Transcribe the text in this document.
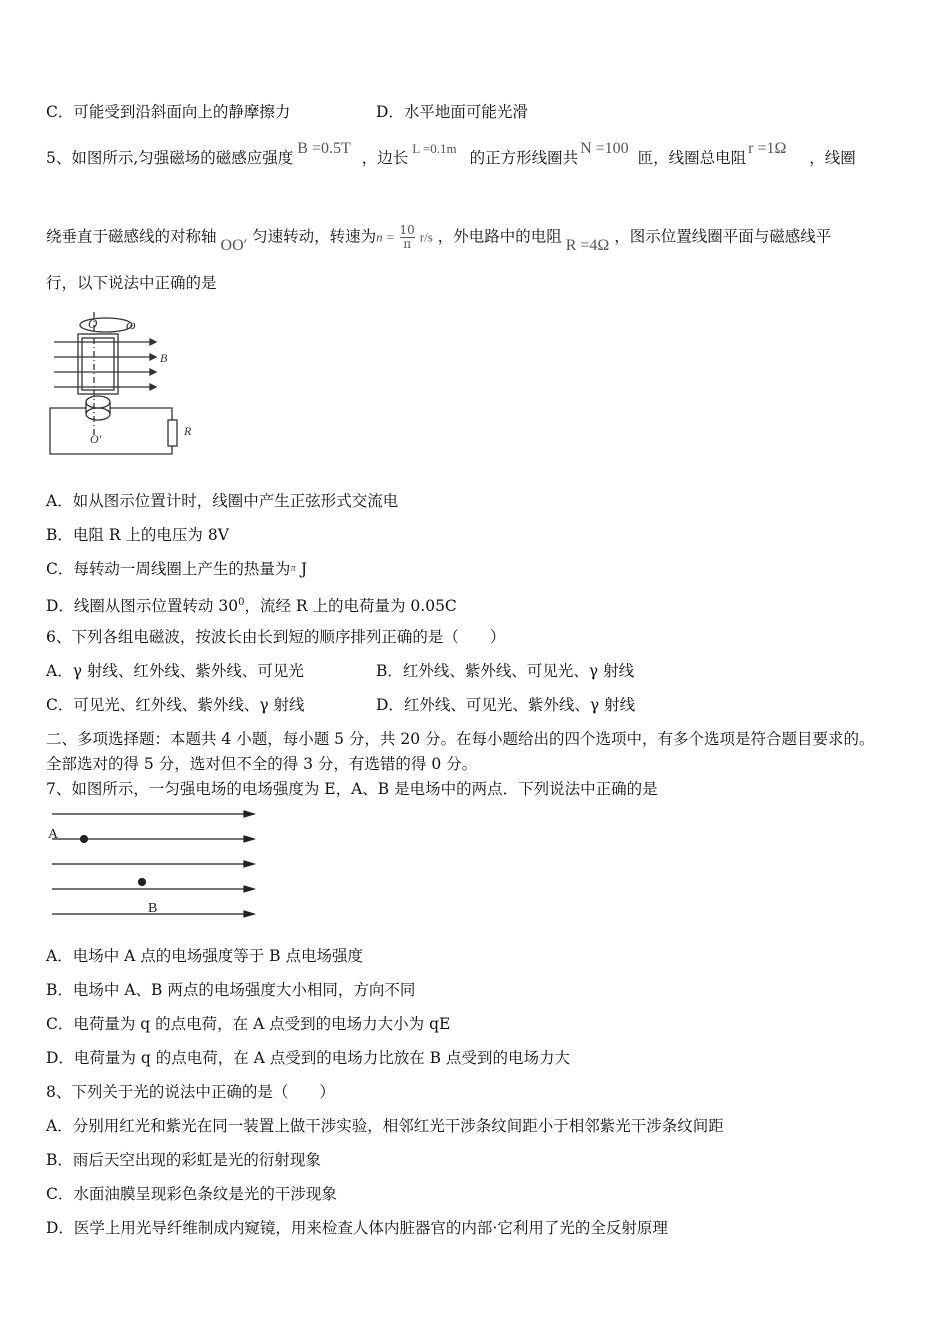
C．可能受到沿斜面向上的静摩擦力	D．水平地面可能光滑
5、如图所示,匀强磁场的磁感应强度B =0.5T ，边长$^{L =0.1m}$ 的正方形线圈共N =100 匝，线圈总电阻r =1Ω ，线圈
绕垂直于磁感线的对称轴 OO′ 匀速转动，转速为$n = \frac{10}{\pi} r/s$ ，外电路中的电阻 R =4Ω ，图示位置线圈平面与磁感线平
行，以下说法中正确的是
O ω
B
O′
R
A．如从图示位置计时，线圈中产生正弦形式交流电
B．电阻 R 上的电压为 8V
C．每转动一周线圈上产生的热量为π J
D．线圈从图示位置转动 $30^0$，流经 R 上的电荷量为 0.05C
6、下列各组电磁波，按波长由长到短的顺序排列正确的是（　　）
A．γ 射线、红外线、紫外线、可见光	B．红外线、紫外线、可见光、γ 射线
C．可见光、红外线、紫外线、γ 射线	D．红外线、可见光、紫外线、γ 射线
二、多项选择题：本题共 4 小题，每小题 5 分，共 20 分。在每小题给出的四个选项中，有多个选项是符合题目要求的。
全部选对的得 5 分，选对但不全的得 3 分，有选错的得 0 分。
7、如图所示，一匀强电场的电场强度为 E，A、B 是电场中的两点．下列说法中正确的是
A
B
A．电场中 A 点的电场强度等于 B 点电场强度
B．电场中 A、B 两点的电场强度大小相同，方向不同
C．电荷量为 q 的点电荷，在 A 点受到的电场力大小为 qE
D．电荷量为 q 的点电荷，在 A 点受到的电场力比放在 B 点受到的电场力大
8、下列关于光的说法中正确的是（　　）
A．分别用红光和紫光在同一装置上做干涉实验，相邻红光干涉条纹间距小于相邻紫光干涉条纹间距
B．雨后天空出现的彩虹是光的衍射现象
C．水面油膜呈现彩色条纹是光的干涉现象
D．医学上用光导纤维制成内窥镜，用来检查人体内脏器官的内部·它利用了光的全反射原理
